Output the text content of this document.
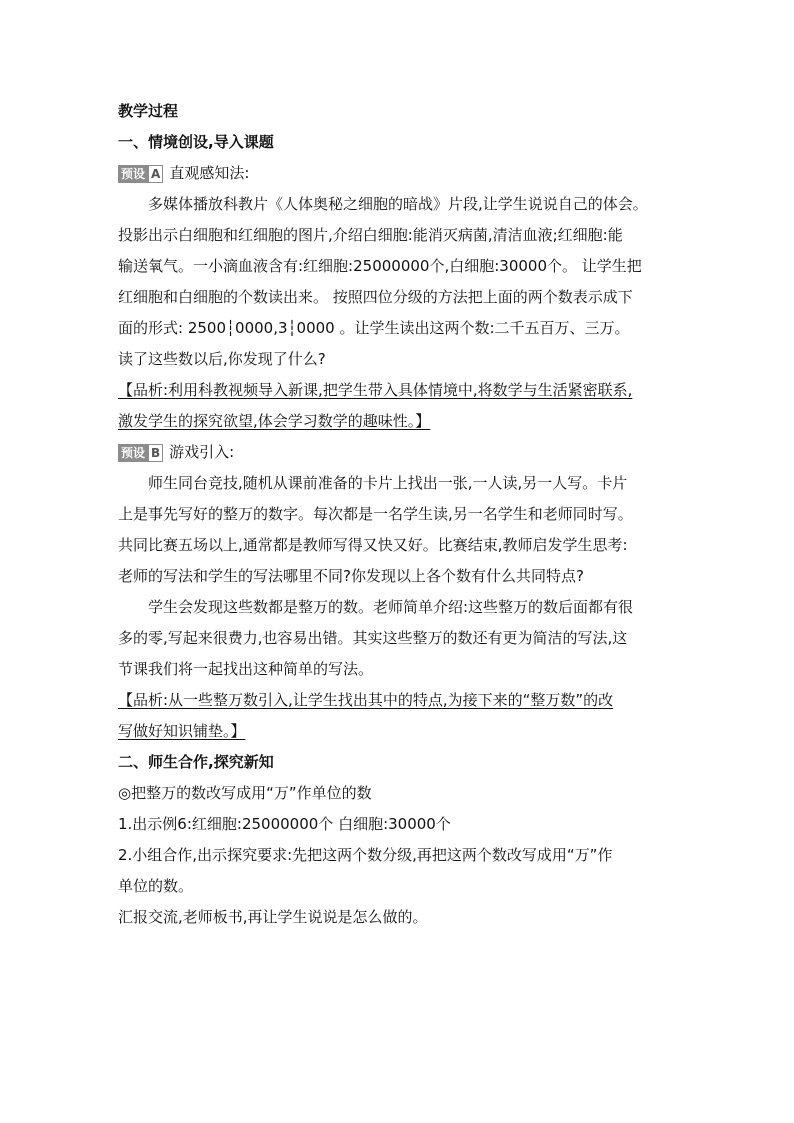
教学过程
一、情境创设,导入课题
预设 A 直观感知法:
多媒体播放科教片《人体奥秘之细胞的暗战》片段,让学生说说自己的体会。
投影出示白细胞和红细胞的图片,介绍白细胞:能消灭病菌,清洁血液;红细胞:能
输送氧气。一小滴血液含有:红细胞:25000000个,白细胞:30000个。 让学生把
红细胞和白细胞的个数读出来。 按照四位分级的方法把上面的两个数表示成下
面的形式: 2500┆0000,3┆0000 。让学生读出这两个数:二千五百万、三万。
读了这些数以后,你发现了什么?
【品析:利用科教视频导入新课,把学生带入具体情境中,将数学与生活紧密联系,
激发学生的探究欲望,体会学习数学的趣味性。】
预设 B 游戏引入:
师生同台竞技,随机从课前准备的卡片上找出一张,一人读,另一人写。卡片
上是事先写好的整万的数字。每次都是一名学生读,另一名学生和老师同时写。
共同比赛五场以上,通常都是教师写得又快又好。比赛结束,教师启发学生思考:
老师的写法和学生的写法哪里不同?你发现以上各个数有什么共同特点?
学生会发现这些数都是整万的数。老师简单介绍:这些整万的数后面都有很
多的零,写起来很费力,也容易出错。其实这些整万的数还有更为简洁的写法,这
节课我们将一起找出这种简单的写法。
【品析:从一些整万数引入,让学生找出其中的特点,为接下来的“整万数”的改
写做好知识铺垫。】
二、师生合作,探究新知
◎把整万的数改写成用“万”作单位的数
1.出示例6:红细胞:25000000个 白细胞:30000个
2.小组合作,出示探究要求:先把这两个数分级,再把这两个数改写成用“万”作
单位的数。
汇报交流,老师板书,再让学生说说是怎么做的。
